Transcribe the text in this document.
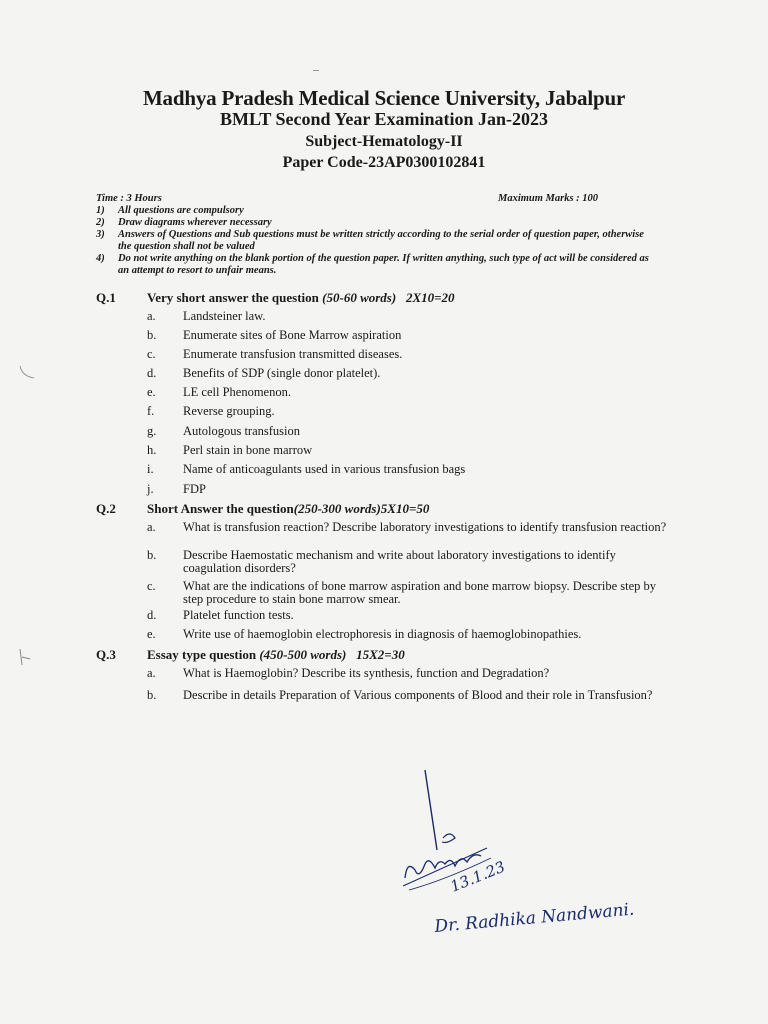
Madhya Pradesh Medical Science University, Jabalpur
BMLT Second Year Examination Jan-2023
Subject-Hematology-II
Paper Code-23AP0300102841
Time : 3 Hours	Maximum Marks : 100
1)	All questions are compulsory
2)	Draw diagrams wherever necessary
3)	Answers of Questions and Sub questions must be written strictly according to the serial order of question paper, otherwise the question shall not be valued
4)	Do not write anything on the blank portion of the question paper. If written anything, such type of act will be considered as an attempt to resort to unfair means.
Q.1 Very short answer the question (50-60 words) 2X10=20
a. Landsteiner law.
b. Enumerate sites of Bone Marrow aspiration
c. Enumerate transfusion transmitted diseases.
d. Benefits of SDP (single donor platelet).
e. LE cell Phenomenon.
f. Reverse grouping.
g. Autologous transfusion
h. Perl stain in bone marrow
i. Name of anticoagulants used in various transfusion bags
j. FDP
Q.2 Short Answer the question(250-300 words)5X10=50
a. What is transfusion reaction? Describe laboratory investigations to identify transfusion reaction?
b. Describe Haemostatic mechanism and write about laboratory investigations to identify coagulation disorders?
c. What are the indications of bone marrow aspiration and bone marrow biopsy. Describe step by step procedure to stain bone marrow smear.
d. Platelet function tests.
e. Write use of haemoglobin electrophoresis in diagnosis of haemoglobinopathies.
Q.3 Essay type question (450-500 words) 15X2=30
a. What is Haemoglobin? Describe its synthesis, function and Degradation?
b. Describe in details Preparation of Various components of Blood and their role in Transfusion?
13.1.23
Dr. Radhika Nandwani.
